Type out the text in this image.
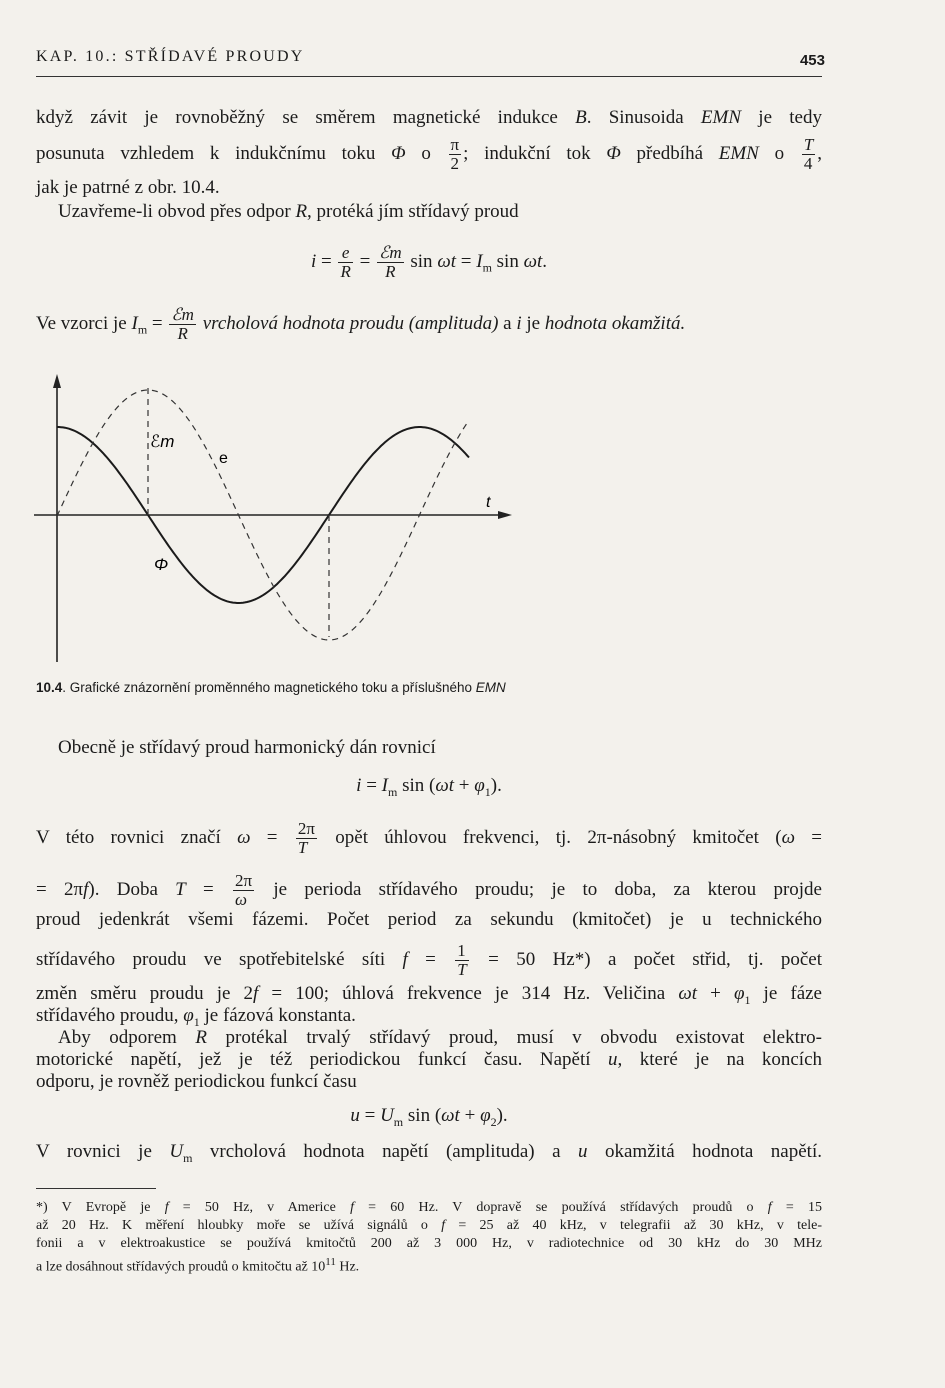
KAP. 10.: STŘÍDAVÉ PROUDY	453
když závit je rovnoběžný se směrem magnetické indukce B. Sinusoida EMN je tedy
posunuta vzhledem k indukčnímu toku Φ o $\frac{\pi}{2}$ ; indukční tok Φ předbíhá EMN o $\frac{T}{4}$ ,
jak je patrné z obr. 10.4.
Uzavřeme-li obvod přes odpor R, protéká jím střídavý proud
$i = \frac{e}{R} = \frac{\text{ℰm}}{R}$ $\sin \omega t = I_m$ sin ωt.
Ve vzorci je $I_m = \frac{\text{ℰm}}{R}$ vrcholová hodnota proudu (amplituda) a i je hodnota okamžitá.
ℰm
e
Φ
t
10.4. Grafické znázornění proměnného magnetického toku a příslušného EMN
Obecně je střídavý proud harmonický dán rovnicí
$i = I_m$ $\sin (\omega t + \varphi_1)$.
V této rovnici značí $\omega = \frac{2\pi}{T}$ opět úhlovou frekvenci, tj. 2π-násobný kmitočet (ω =
= 2πf). Doba $T = \frac{2\pi}{\omega}$ je perioda střídavého proudu; je to doba, za kterou projde
proud jedenkrát všemi fázemi. Počet period za sekundu (kmitočet) je u technického
střídavého proudu ve spotřebitelské síti $f = \frac{1}{T} = 50$ Hz*) a počet střid, tj. počet
změn směru proudu je 2f = 100; úhlová frekvence je 314 Hz. Veličina $\omega t + \varphi_1$ je fáze
střídavého proudu, $\varphi_1$ je fázová konstanta.
Aby odporem R protékal trvalý střídavý proud, musí v obvodu existovat elektro-
motorické napětí, jež je též periodickou funkcí času. Napětí u, které je na koncích
odporu, je rovněž periodickou funkcí času
$u = U_m$ $\sin (\omega t + \varphi_2)$.
V rovnici je $U_m$ vrcholová hodnota napětí (amplituda) a u okamžitá hodnota napětí.
*) V Evropě je f = 50 Hz, v Americe f = 60 Hz. V dopravě se používá střídavých proudů o f = 15
až 20 Hz. K měření hloubky moře se užívá signálů o f = 25 až 40 kHz, v telegrafii až 30 kHz, v tele-
fonii a v elektroakustice se používá kmitočtů 200 až 3 000 Hz, v radiotechnice od 30 kHz do 30 MHz
a lze dosáhnout střídavých proudů o kmitočtu až $10^{11}$ Hz.
